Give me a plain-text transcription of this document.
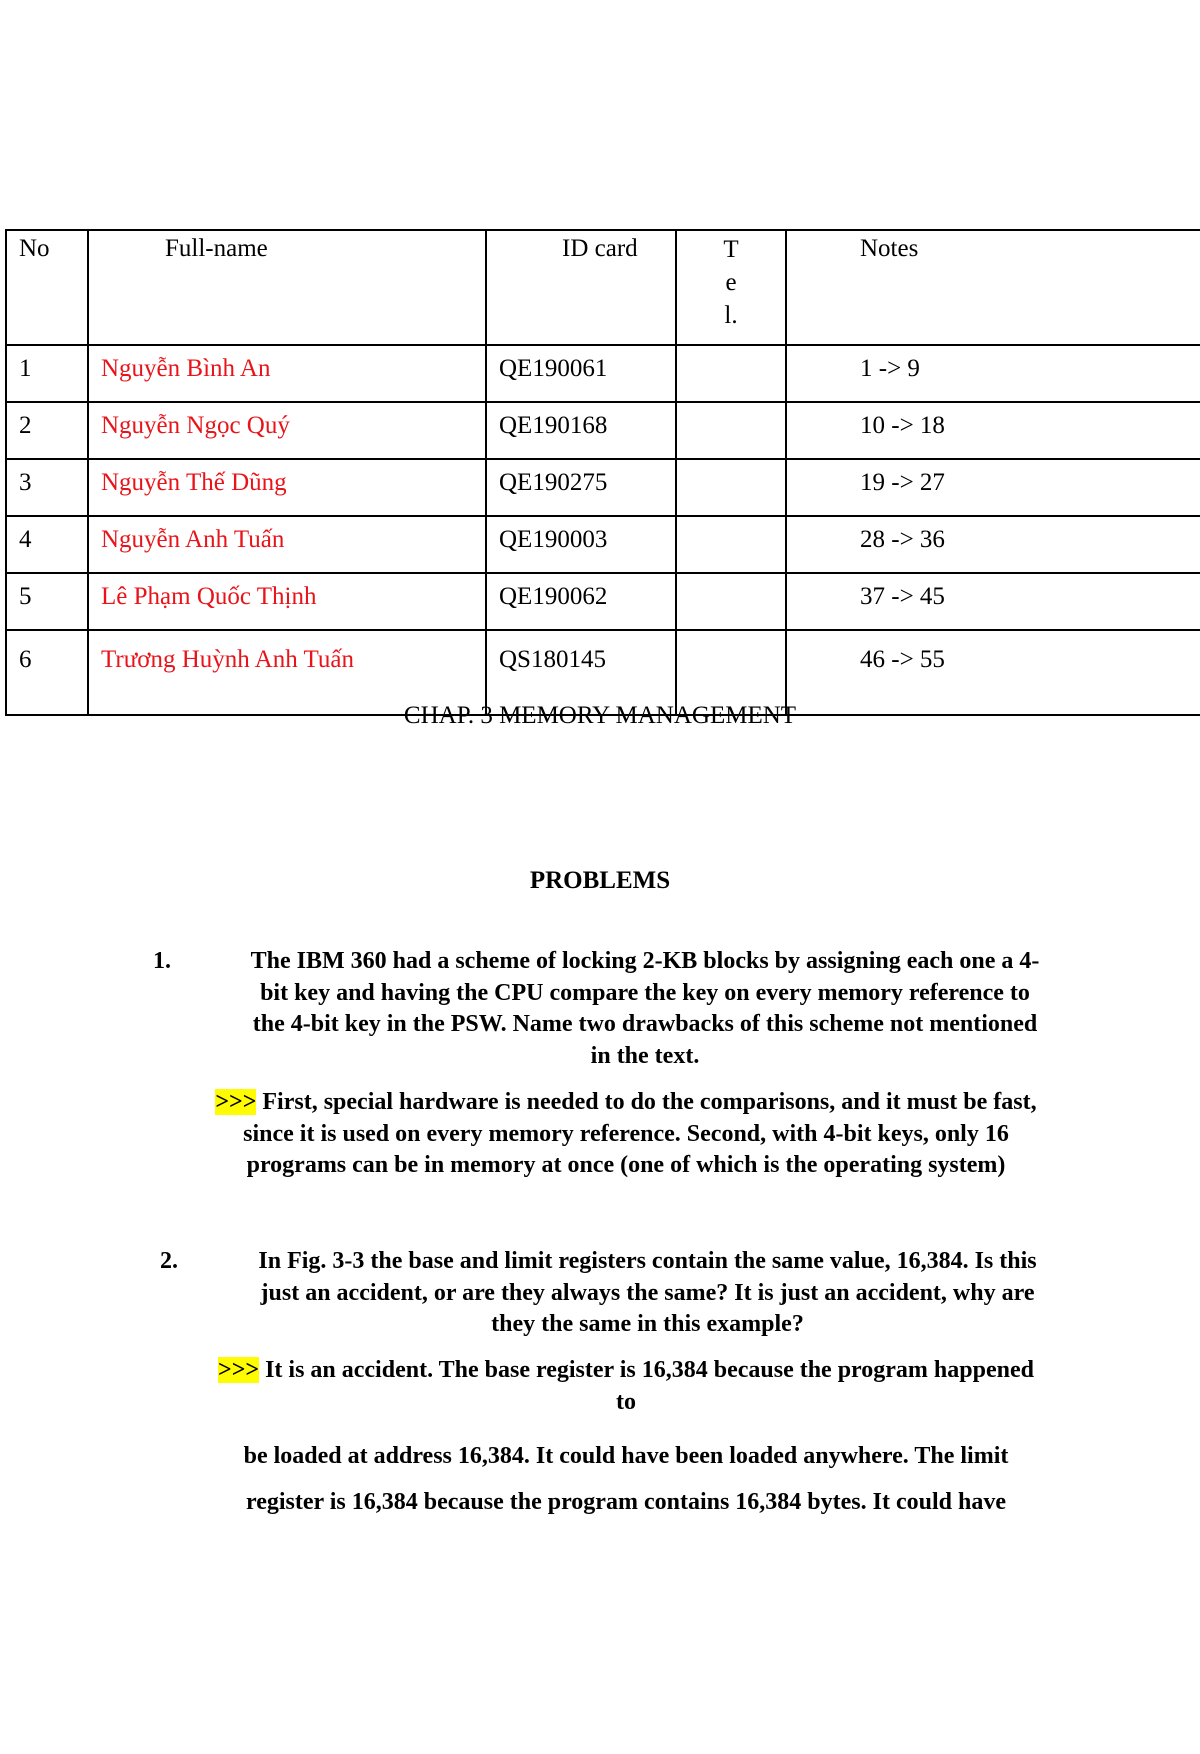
No	Full-name	ID card	T
e
l.	Notes
1	Nguyễn Bình An	QE190061		1 -> 9
2	Nguyễn Ngọc Quý	QE190168		10 -> 18
3	Nguyễn Thế Dũng	QE190275		19 -> 27
4	Nguyễn Anh Tuấn	QE190003		28 -> 36
5	Lê Phạm Quốc Thịnh	QE190062		37 -> 45
6	Trương Huỳnh Anh Tuấn	QS180145		46 -> 55
CHAP. 3 MEMORY MANAGEMENT
PROBLEMS
1.	The IBM 360 had a scheme of locking 2-KB blocks by assigning each one a 4-
bit key and having the CPU compare the key on every memory reference to
the 4-bit key in the PSW. Name two drawbacks of this scheme not mentioned
in the text.
>>> First, special hardware is needed to do the comparisons, and it must be fast,
since it is used on every memory reference. Second, with 4-bit keys, only 16
programs can be in memory at once (one of which is the operating system)
2.	In Fig. 3-3 the base and limit registers contain the same value, 16,384. Is this
just an accident, or are they always the same? It is just an accident, why are
they the same in this example?
>>> It is an accident. The base register is 16,384 because the program happened
to
be loaded at address 16,384. It could have been loaded anywhere. The limit
register is 16,384 because the program contains 16,384 bytes. It could have
